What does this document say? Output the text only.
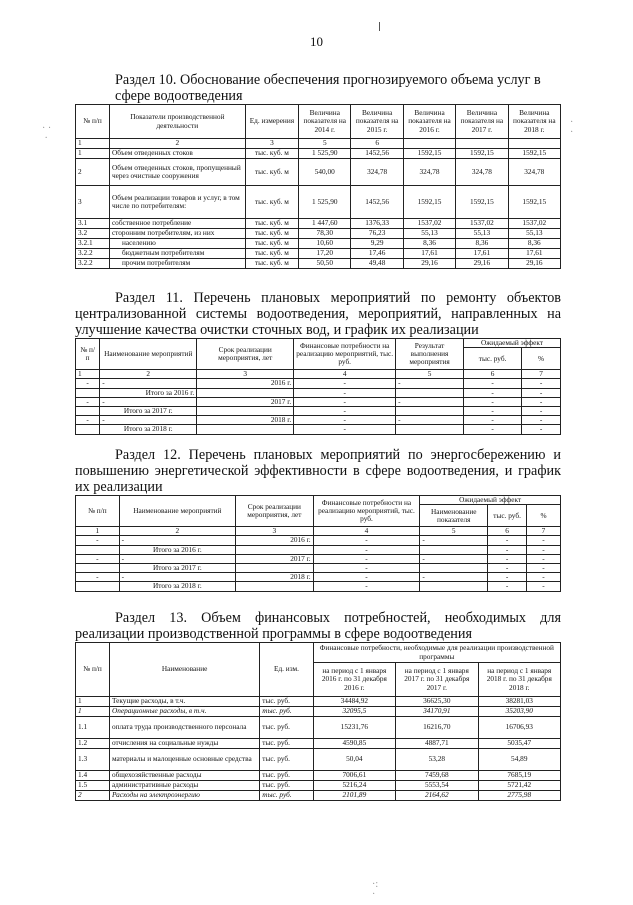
10
· ·
·
·
·
·:
·

Раздел 10. Обоснование обеспечения прогнозируемого объема услуг в сфере водоотведения

№ п/п	Показатели производственной деятельности	Ед. измерения	Величина показателя на 2014 г.	Величина показателя на 2015 г.	Величина показателя на 2016 г.	Величина показателя на 2017 г.	Величина показателя на 2018 г.
1	2	3	5	6			
1	Объем отведенных стоков	тыс. куб. м	1 525,90	1452,56	1592,15	1592,15	1592,15
2	Объем отведенных стоков, пропущенный через очистные сооружения	тыс. куб. м	540,00	324,78	324,78	324,78	324,78
3	Объем реализации товаров и услуг, в том числе по потребителям:	тыс. куб. м	1 525,90	1452,56	1592,15	1592,15	1592,15
3.1	собственное потребление	тыс. куб. м	1 447,60	1376,33	1537,02	1537,02	1537,02
3.2	сторонним потребителям, из них	тыс. куб. м	78,30	76,23	55,13	55,13	55,13
3.2.1	населению	тыс. куб. м	10,60	9,29	8,36	8,36	8,36
3.2.2	бюджетным потребителям	тыс. куб. м	17,20	17,46	17,61	17,61	17,61
3.2.2	прочим потребителям	тыс. куб. м	50,50	49,48	29,16	29,16	29,16

Раздел 11. Перечень плановых мероприятий по ремонту объектов централизованной системы водоотведения, мероприятий, направленных на улучшение качества очистки сточных вод, и график их реализации

№ п/ п	Наименование мероприятий	Срок реализации мероприятия, лет	Финансовые потребности на реализацию мероприятий, тыс. руб.	Результат выполнения мероприятия	Ожидаемый эффект	
					тыс. руб.	%
1	2	3	4	5	6	7
-	-	2016 г.	-	-	-	-
	Итого за 2016 г.		-		-	-
-	-	2017 г.	-	-	-	-
	Итого за 2017 г.		-		-	-
-	-	2018 г.	-	-	-	-
	Итого за 2018 г.		-		-	-

Раздел 12. Перечень плановых мероприятий по энергосбережению и повышению энергетической эффективности в сфере водоотведения, и график их реализации

№ п/п	Наименование мероприятий	Срок реализации мероприятия, лет	Финансовые потребности на реализацию мероприятий, тыс. руб.	Ожидаемый эффект		
				Наименование показателя	тыс. руб.	%
1	2	3	4	5	6	7
-	-	2016 г.	-	-	-	-
	Итого за 2016 г.		-		-	-
-	-	2017 г.	-	-	-	-
	Итого за 2017 г.		-		-	-
-	-	2018 г.	-	-	-	-
	Итого за 2018 г.		-		-	-

Раздел 13. Объем финансовых потребностей, необходимых для реализации производственной программы в сфере водоотведения

№ п/п	Наименование	Ед. изм.	Финансовые потребности, необходимые для реализации производственной программы		
			на период с 1 января 2016 г. по 31 декабря 2016 г.	на период с 1 января 2017 г. по 31 декабря 2017 г.	на период с 1 января 2018 г. по 31 декабря 2018 г.
1	Текущие расходы, в т.ч.	тыс. руб.	34484,92	36625,30	38281,03
1	Операционные расходы, в т.ч.	тыс. руб.	32095,5	34170,91	35203,90
1.1	оплата труда производственного персонала	тыс. руб.	15231,76	16216,70	16706,93
1.2	отчисления на социальные нужды	тыс. руб.	4590,85	4887,71	5035,47
1.3	материалы и малоценные основные средства	тыс. руб.	50,04	53,28	54,89
1.4	общехозяйственные расходы	тыс. руб.	7006,61	7459,68	7685,19
1.5	административные расходы	тыс. руб.	5216,24	5553,54	5721,42
2	Расходы на электроэнергию	тыс. руб.	2101,89	2164,62	2775,98
